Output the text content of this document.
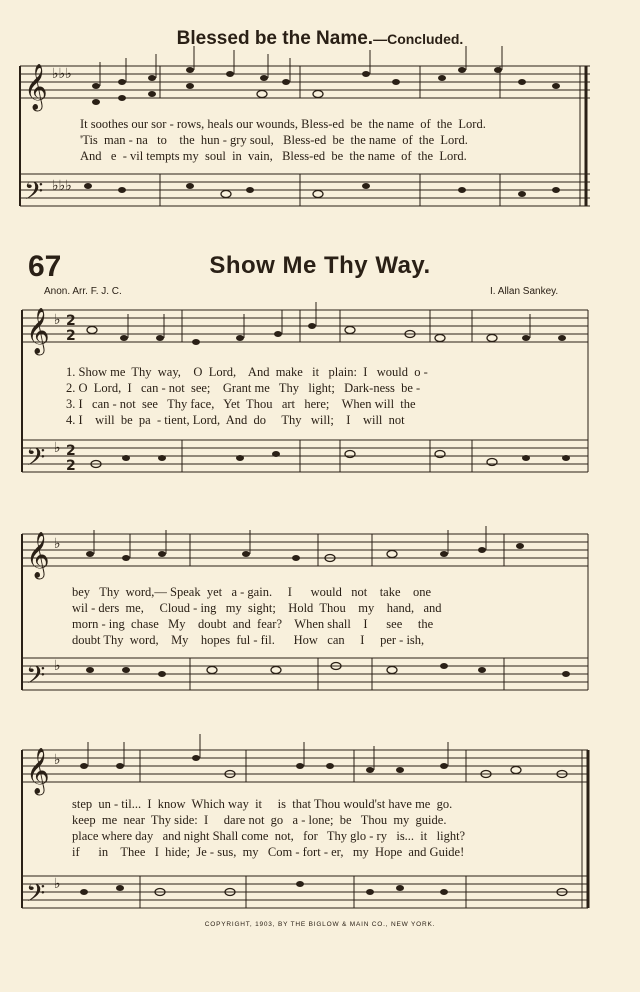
Blessed be the Name.—Concluded.
𝄞
𝄢
𝄞
𝄢
𝄞
𝄢
𝄞
𝄢
♭♭♭
♭♭♭
♭
♭
♭
♭
♭
♭
2
2
2
2
It soothes our sor - rows, heals our wounds, Bless-ed  be  the name  of  the  Lord.
'Tis  man - na   to    the  hun - gry soul,   Bless-ed  be  the name  of  the  Lord.
And   e  - vil tempts my  soul  in  vain,   Bless-ed  be  the name  of  the  Lord.
67	Show Me Thy Way.
Anon. Arr. F. J. C.	I. Allan Sankey.
1. Show me  Thy  way,    O  Lord,    And  make   it   plain:  I   would  o -
2. O  Lord,  I   can - not  see;    Grant me   Thy   light;   Dark-ness  be -
3. I   can - not  see   Thy face,   Yet  Thou   art   here;    When will  the
4. I    will  be  pa  - tient, Lord,  And  do     Thy   will;    I    will  not
bey   Thy  word,— Speak  yet   a - gain.     I      would   not    take    one
wil - ders  me,     Cloud - ing   my  sight;    Hold  Thou    my    hand,   and
morn - ing  chase   My    doubt  and  fear?    When shall    I      see     the
doubt Thy  word,    My    hopes  ful - fil.      How   can     I     per - ish,
step  un - til...  I  know  Which way  it     is  that Thou would'st have me  go.
keep  me  near  Thy side:  I     dare not  go   a - lone;  be   Thou  my  guide.
place where day   and night Shall come  not,   for   Thy glo - ry   is...  it   light?
if      in    Thee   I  hide;  Je - sus,  my   Com - fort - er,   my  Hope  and Guide!
COPYRIGHT, 1903, BY THE BIGLOW & MAIN CO., NEW YORK.
